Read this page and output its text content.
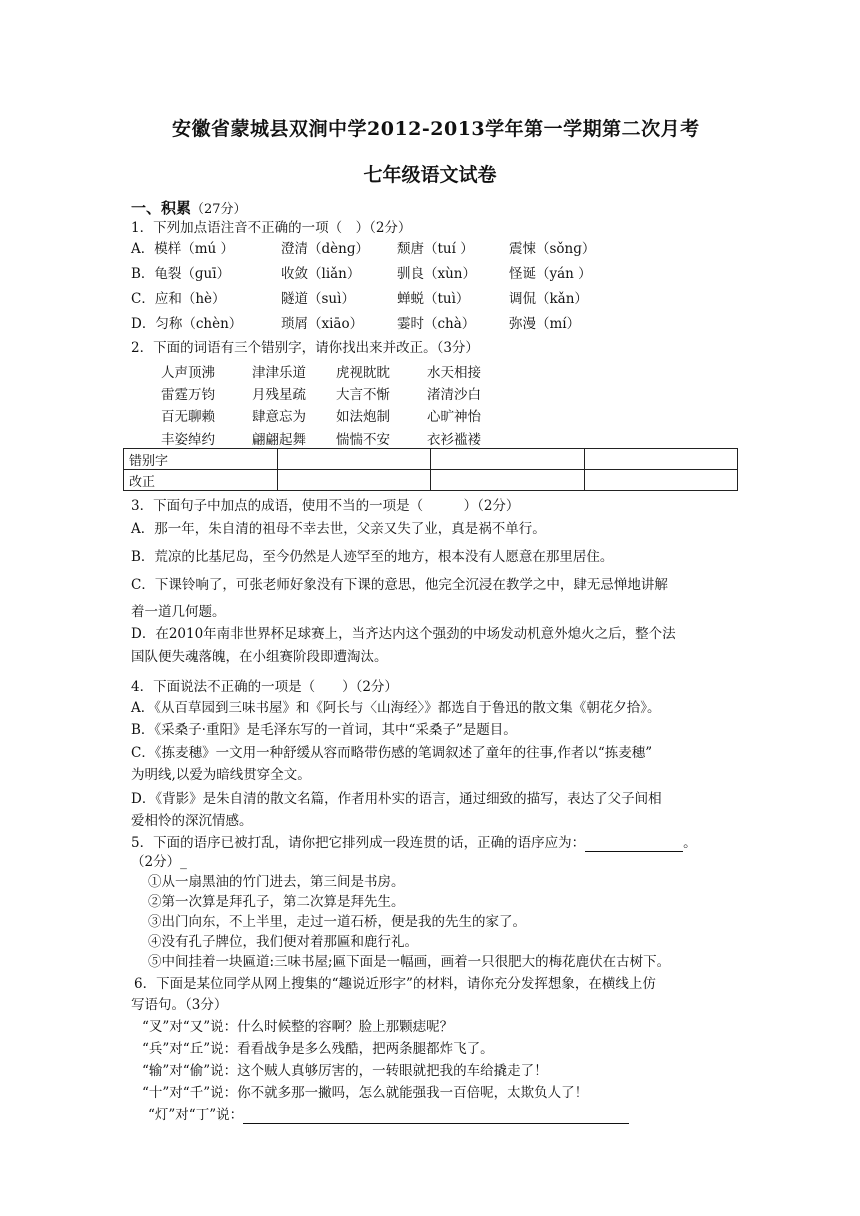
安徽省蒙城县双涧中学2012-2013学年第一学期第二次月考
七年级语文试卷
一、积累（27分）
1．下列加点语注音不正确的一项（　）（2分）
A．模样（mú ）	澄清（dènɡ） 颓唐（tuí ）	震悚（sǒnɡ）
B．龟裂（ɡuī）	收敛（liǎn）	驯良（xùn） 怪诞（yán ）
C．应和（hè）	隧道（suì）	蝉蜕（tuì）	调侃（kǎn）
D．匀称（chèn）	琐屑（xiāo）	霎时（chà） 弥漫（mí）
2．下面的词语有三个错别字，请你找出来并改正。（3分）
人声顶沸	津津乐道 虎视眈眈	水天相接
雷霆万钧	月残星疏 大言不惭	渚清沙白
百无聊赖	肆意忘为 如法炮制	心旷神怡
丰姿绰约	翩翩起舞 惴惴不安	衣衫褴褛
错别字			
改正			
3．下面句子中加点的成语，使用不当的一项是（　　　）（2分）
A．那一年，朱自清的祖母不幸去世，父亲又失了业，真是祸不单行。
B．荒凉的比基尼岛，至今仍然是人迹罕至的地方，根本没有人愿意在那里居住。
C．下课铃响了，可张老师好象没有下课的意思，他完全沉浸在教学之中，肆无忌惮地讲解
着一道几何题。
D．在2010年南非世界杯足球赛上，当齐达内这个强劲的中场发动机意外熄火之后，整个法
国队便失魂落魄，在小组赛阶段即遭淘汰。
4．下面说法不正确的一项是（　　）（2分）
A．《从百草园到三味书屋》和《阿长与〈山海经〉》都选自于鲁迅的散文集《朝花夕拾》。
B．《采桑子·重阳》是毛泽东写的一首词，其中“采桑子”是题目。
C．《拣麦穗》一文用一种舒缓从容而略带伤感的笔调叙述了童年的往事,作者以“拣麦穗”
为明线,以爱为暗线贯穿全文。
D．《背影》是朱自清的散文名篇，作者用朴实的语言，通过细致的描写，表达了父子间相
爱相怜的深沉情感。
5．下面的语序已被打乱，请你把它排列成一段连贯的话，正确的语序应为：	。
（2分）_
①从一扇黑油的竹门进去，第三间是书房。
②第一次算是拜孔子，第二次算是拜先生。
③出门向东，不上半里，走过一道石桥，便是我的先生的家了。
④没有孔子牌位，我们便对着那匾和鹿行礼。
⑤中间挂着一块匾道:三味书屋;匾下面是一幅画，画着一只很肥大的梅花鹿伏在古树下。
6．下面是某位同学从网上搜集的“趣说近形字”的材料，请你充分发挥想象，在横线上仿
写语句。（3分）
“叉”对“又”说：什么时候整的容啊？脸上那颗痣呢？
“兵”对“丘”说：看看战争是多么残酷，把两条腿都炸飞了。
“输”对“偷”说：这个贼人真够厉害的，一转眼就把我的车给撬走了！
“十”对“千”说：你不就多那一撇吗，怎么就能强我一百倍呢，太欺负人了！
“灯”对“丁”说：
